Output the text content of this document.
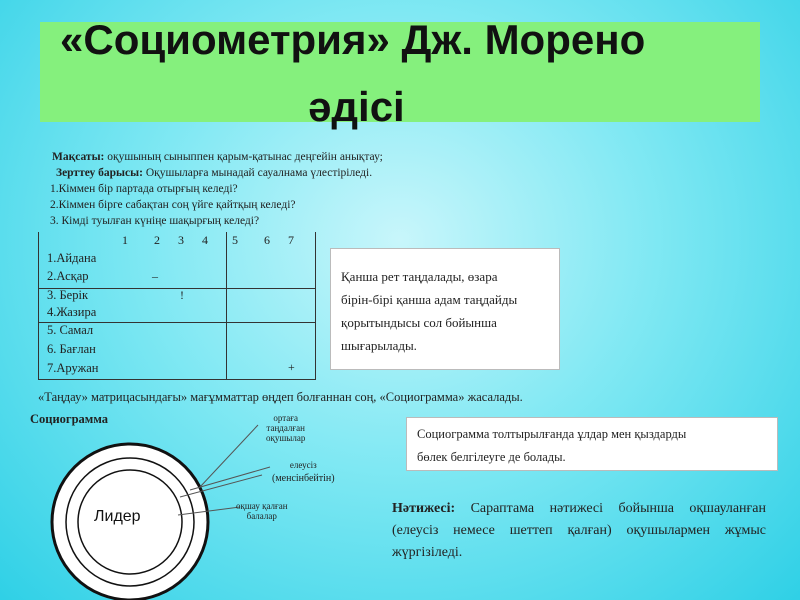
«Социометрия» Дж. Морено
әдісі
Мақсаты: оқушының сыныппен қарым-қатынас деңгейін анықтау;
Зерттеу барысы: Оқушыларға мынадай сауалнама үлестіріледі.
1.Кіммен бір партада отырғың келеді?
2.Кіммен бірге сабақтан соң үйге қайтқың келеді?
3. Кімді туылған күніңе шақырғың келеді?
1 2 3 4 5 6 7
1.Айдана
2.Асқар
3. Берік
4.Жазира
5. Самал
6. Бағлан
7.Аружан
–
!
+
Қанша рет таңдалады, өзара
бірін-бірі қанша адам таңдайды
қорытындысы сол бойынша
шығарылады.
«Таңдау» матрицасындағы» мағұмматтар өңдеп болғаннан соң, «Социограмма» жасалады.
Социограмма
Социограмма толтырылғанда ұлдар мен қыздарды
бөлек белгілеуге де болады.
ортаға
таңдалған
оқушылар
елеусіз
(менсінбейтін)
оқшау қалған
балалар
Лидер	Нәтижесі: Сараптама нәтижесі бойынша оқшауланған (елеусіз немесе шеттеп қалған) оқушылармен жұмыс жүргізіледі.
